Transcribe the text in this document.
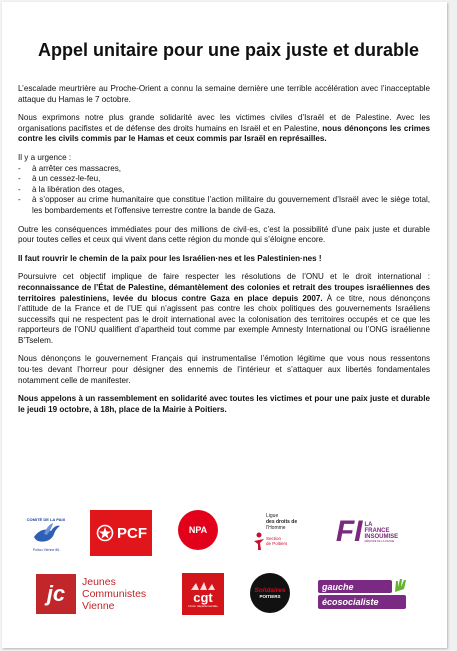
Appel unitaire pour une paix juste et durable

L’escalade meurtrière au Proche-Orient a connu la semaine dernière une terrible accélération avec l’inacceptable attaque du Hamas le 7 octobre.

Nous exprimons notre plus grande solidarité avec les victimes civiles d’Israël et de Palestine. Avec les organisations pacifistes et de défense des droits humains en Israël et en Palestine, nous dénonçons les crimes contre les civils commis par le Hamas et ceux commis par Israël en représailles.

Il y a urgence :
- à arrêter ces massacres,
- à un cessez-le-feu,
- à la libération des otages,
- à s’opposer au crime humanitaire que constitue l’action militaire du gouvernement d’Israël avec le siège total, les bombardements et l’offensive terrestre contre la bande de Gaza.

Outre les conséquences immédiates pour des millions de civil·es, c’est la possibilité d’une paix juste et durable pour toutes celles et ceux qui vivent dans cette région du monde qui s’éloigne encore.

Il faut rouvrir le chemin de la paix pour les Israélien·nes et les Palestinien·nes !

Poursuivre cet objectif implique de faire respecter les résolutions de l’ONU et le droit international : reconnaissance de l’État de Palestine, démantèlement des colonies et retrait des troupes israéliennes des territoires palestiniens, levée du blocus contre Gaza en place depuis 2007. À ce titre, nous dénonçons l’attitude de la France et de l’UE qui n’agissent pas contre les choix politiques des gouvernements Israéliens successifs qui ne respectent pas le droit international avec la colonisation des territoires occupés et ce que les rapporteurs de l’ONU qualifient d’apartheid tout comme par exemple Amnesty International ou l’ONG israélienne B’Tselem.

Nous dénonçons le gouvernement Français qui instrumentalise l’émotion légitime que vous nous ressentons tou·tes devant l’horreur pour désigner des ennemis de l’intérieur et s’attaquer aux libertés fondamentales notamment celle de manifester.

Nous appelons à un rassemblement en solidarité avec toutes les victimes et pour une paix juste et durable le jeudi 19 octobre, à 18h, place de la Mairie à Poitiers.

COMITÉ DE LA PAIX
Poitou Vienne 86
PCF	NPA
Ligue
des droits de
l'Homme
Section
de Poitiers FI LA
FRANCE
INSOUMISE
MÉMOIRE DE LA VIENNE
jc Jeunes
Communistes
Vienne
cgt
Union départementale
Solidaires
POITIERS
gauche
écosocialiste
